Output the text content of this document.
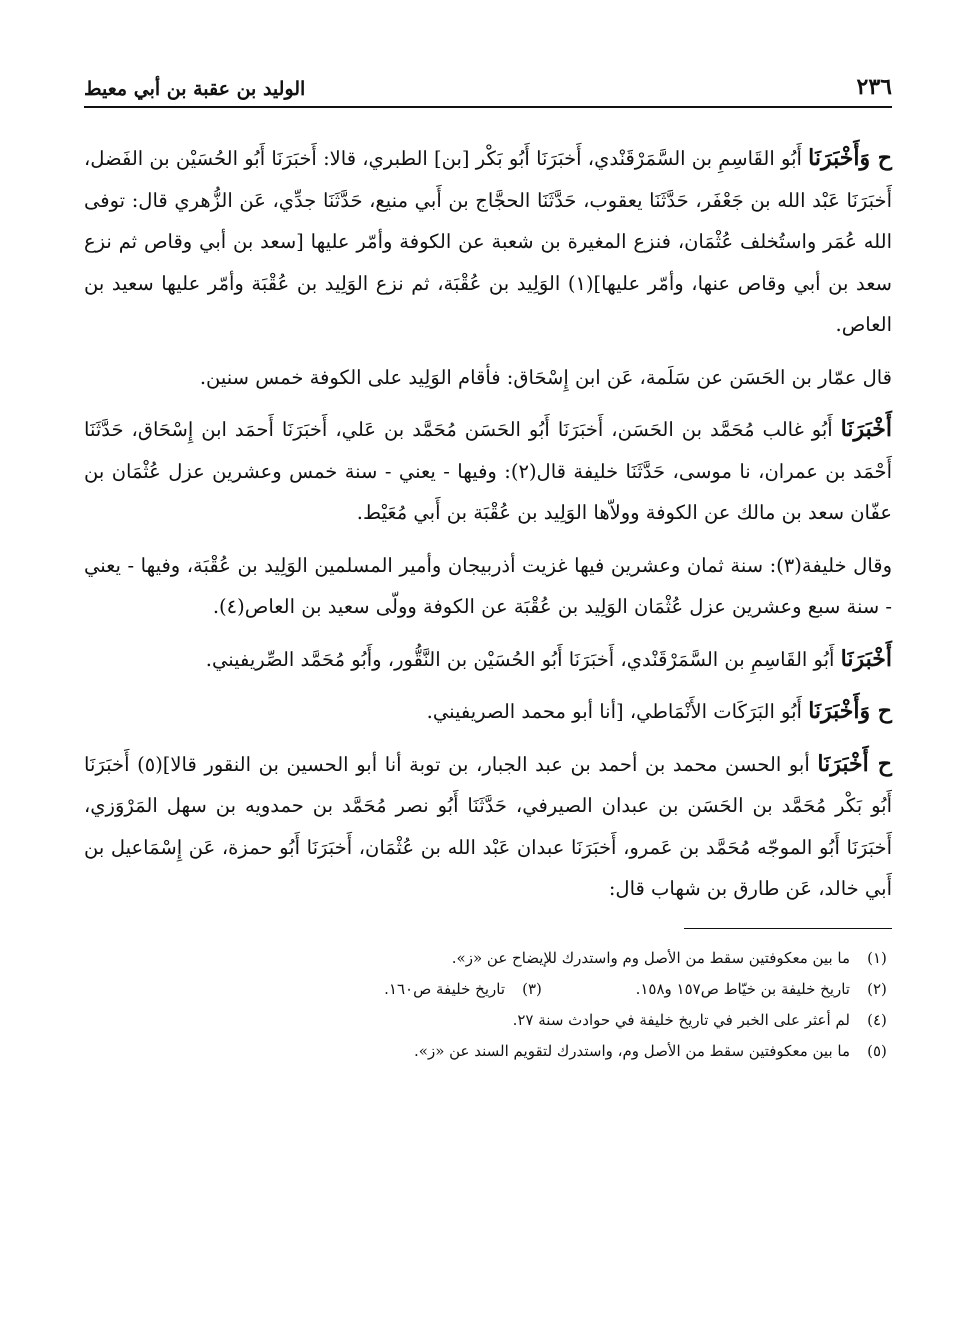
٢٣٦
الوليد بن عقبة بن أبي معيط

ح وَأَخْبَرَنَا أَبُو القَاسِمِ بن السَّمَرْقَنْدي، أَخبَرَنَا أَبُو بَكْر [بن] الطبري، قالا: أَخبَرَنَا أَبُو الحُسَيْن بن الفَضل، أَخبَرَنَا عَبْد الله بن جَعْفَر، حَدَّثَنَا يعقوب، حَدَّثَنَا الحجَّاج بن أَبي منيع، حَدَّثَنَا جدِّي، عَن الزُّهري قال: توفى الله عُمَر واستُخلف عُثْمَان، فنزع المغيرة بن شعبة عن الكوفة وأمّر عليها [سعد بن أبي وقاص ثم نزع سعد بن أبي وقاص عنها، وأمّر عليها](١) الوَلِيد بن عُقْبَة، ثم نزع الوَلِيد بن عُقْبَة وأمّر عليها سعيد بن العاص.

قال عمّار بن الحَسَن عن سَلَمة، عَن ابن إِسْحَاق: فأقام الوَلِيد على الكوفة خمس سنين.

أَخْبَرَنَا أَبُو غالب مُحَمَّد بن الحَسَن، أَخبَرَنَا أَبُو الحَسَن مُحَمَّد بن عَلي، أَخبَرَنَا أَحمَد ابن إِسْحَاق، حَدَّثَنَا أَحْمَد بن عمران، نا موسى، حَدَّثَنَا خليفة قال(٢): وفيها - يعني - سنة خمس وعشرين عزل عُثْمَان بن عفّان سعد بن مالك عن الكوفة وولاّها الوَلِيد بن عُقْبَة بن أَبي مُعَيْط.

وقال خليفة(٣): سنة ثمان وعشرين فيها غزيت أذربيجان وأمير المسلمين الوَلِيد بن عُقْبَة، وفيها - يعني - سنة سبع وعشرين عزل عُثْمَان الوَلِيد بن عُقْبَة عن الكوفة وولّى سعيد بن العاص(٤).

أَخْبَرَنَا أَبُو القَاسِمِ بن السَّمَرْقَنْدي، أَخبَرَنَا أَبُو الحُسَيْن بن النَّقُّور، وأَبُو مُحَمَّد الصِّريفيني.

ح وَأَخْبَرَنَا أَبُو البَرَكَات الأَنْمَاطي، [أنا أبو محمد الصريفيني.

ح أَخْبَرَنَا أبو الحسن محمد بن أحمد بن عبد الجبار، بن توبة أنا أبو الحسين بن النقور قالا](٥) أَخبَرَنَا أَبُو بَكْر مُحَمَّد بن الحَسَن بن عبدان الصيرفي، حَدَّثَنَا أَبُو نصر مُحَمَّد بن حمدويه بن سهل المَرْوَزي، أَخبَرَنَا أَبُو الموجّه مُحَمَّد بن عَمرو، أَخبَرَنَا عبدان عَبْد الله بن عُثْمَان، أَخبَرَنَا أَبُو حمزة، عَن إِسْمَاعيل بن أَبي خالد، عَن طارق بن شهاب قال:

(١)
ما بين معكوفتين سقط من الأصل وم واستدرك للإيضاح عن «ز».
(٢)
تاريخ خليفة بن خيّاط ص١٥٧ و١٥٨.
(٣)
تاريخ خليفة ص١٦٠.
(٤)
لم أعثر على الخبر في تاريخ خليفة في حوادث سنة ٢٧.
(٥)
ما بين معكوفتين سقط من الأصل وم، واستدرك لتقويم السند عن «ز».
